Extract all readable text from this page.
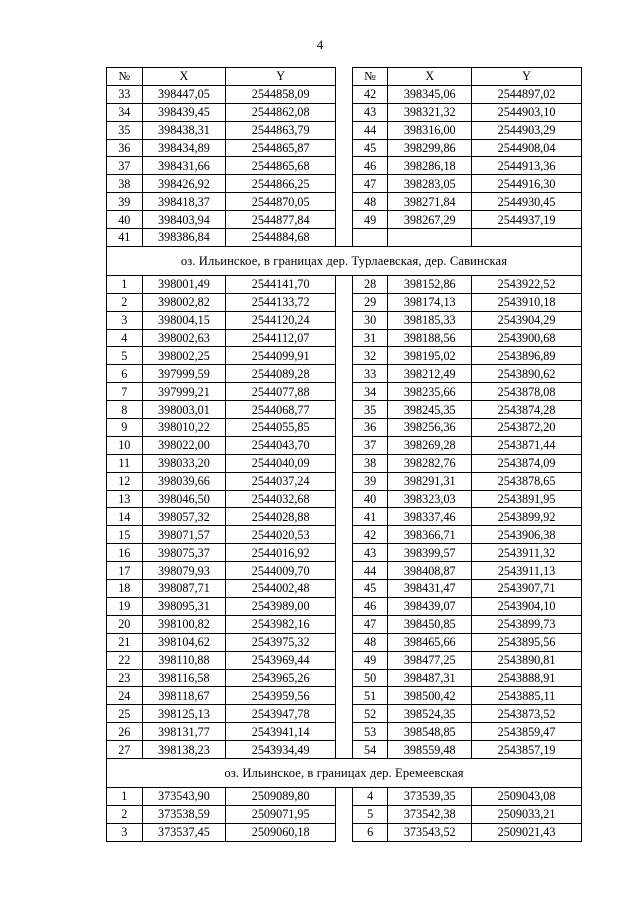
4
№	X	Y		№	X	Y
33	398447,05	2544858,09		42	398345,06	2544897,02
34	398439,45	2544862,08		43	398321,32	2544903,10
35	398438,31	2544863,79		44	398316,00	2544903,29
36	398434,89	2544865,87		45	398299,86	2544908,04
37	398431,66	2544865,68		46	398286,18	2544913,36
38	398426,92	2544866,25		47	398283,05	2544916,30
39	398418,37	2544870,05		48	398271,84	2544930,45
40	398403,94	2544877,84		49	398267,29	2544937,19
41	398386,84	2544884,68				
оз. Ильинское, в границах дер. Турлаевская, дер. Савинская						
1	398001,49	2544141,70		28	398152,86	2543922,52
2	398002,82	2544133,72		29	398174,13	2543910,18
3	398004,15	2544120,24		30	398185,33	2543904,29
4	398002,63	2544112,07		31	398188,56	2543900,68
5	398002,25	2544099,91		32	398195,02	2543896,89
6	397999,59	2544089,28		33	398212,49	2543890,62
7	397999,21	2544077,88		34	398235,66	2543878,08
8	398003,01	2544068,77		35	398245,35	2543874,28
9	398010,22	2544055,85		36	398256,36	2543872,20
10	398022,00	2544043,70		37	398269,28	2543871,44
11	398033,20	2544040,09		38	398282,76	2543874,09
12	398039,66	2544037,24		39	398291,31	2543878,65
13	398046,50	2544032,68		40	398323,03	2543891,95
14	398057,32	2544028,88		41	398337,46	2543899,92
15	398071,57	2544020,53		42	398366,71	2543906,38
16	398075,37	2544016,92		43	398399,57	2543911,32
17	398079,93	2544009,70		44	398408,87	2543911,13
18	398087,71	2544002,48		45	398431,47	2543907,71
19	398095,31	2543989,00		46	398439,07	2543904,10
20	398100,82	2543982,16		47	398450,85	2543899,73
21	398104,62	2543975,32		48	398465,66	2543895,56
22	398110,88	2543969,44		49	398477,25	2543890,81
23	398116,58	2543965,26		50	398487,31	2543888,91
24	398118,67	2543959,56		51	398500,42	2543885,11
25	398125,13	2543947,78		52	398524,35	2543873,52
26	398131,77	2543941,14		53	398548,85	2543859,47
27	398138,23	2543934,49		54	398559,48	2543857,19
оз. Ильинское, в границах дер. Еремеевская						
1	373543,90	2509089,80		4	373539,35	2509043,08
2	373538,59	2509071,95		5	373542,38	2509033,21
3	373537,45	2509060,18		6	373543,52	2509021,43
